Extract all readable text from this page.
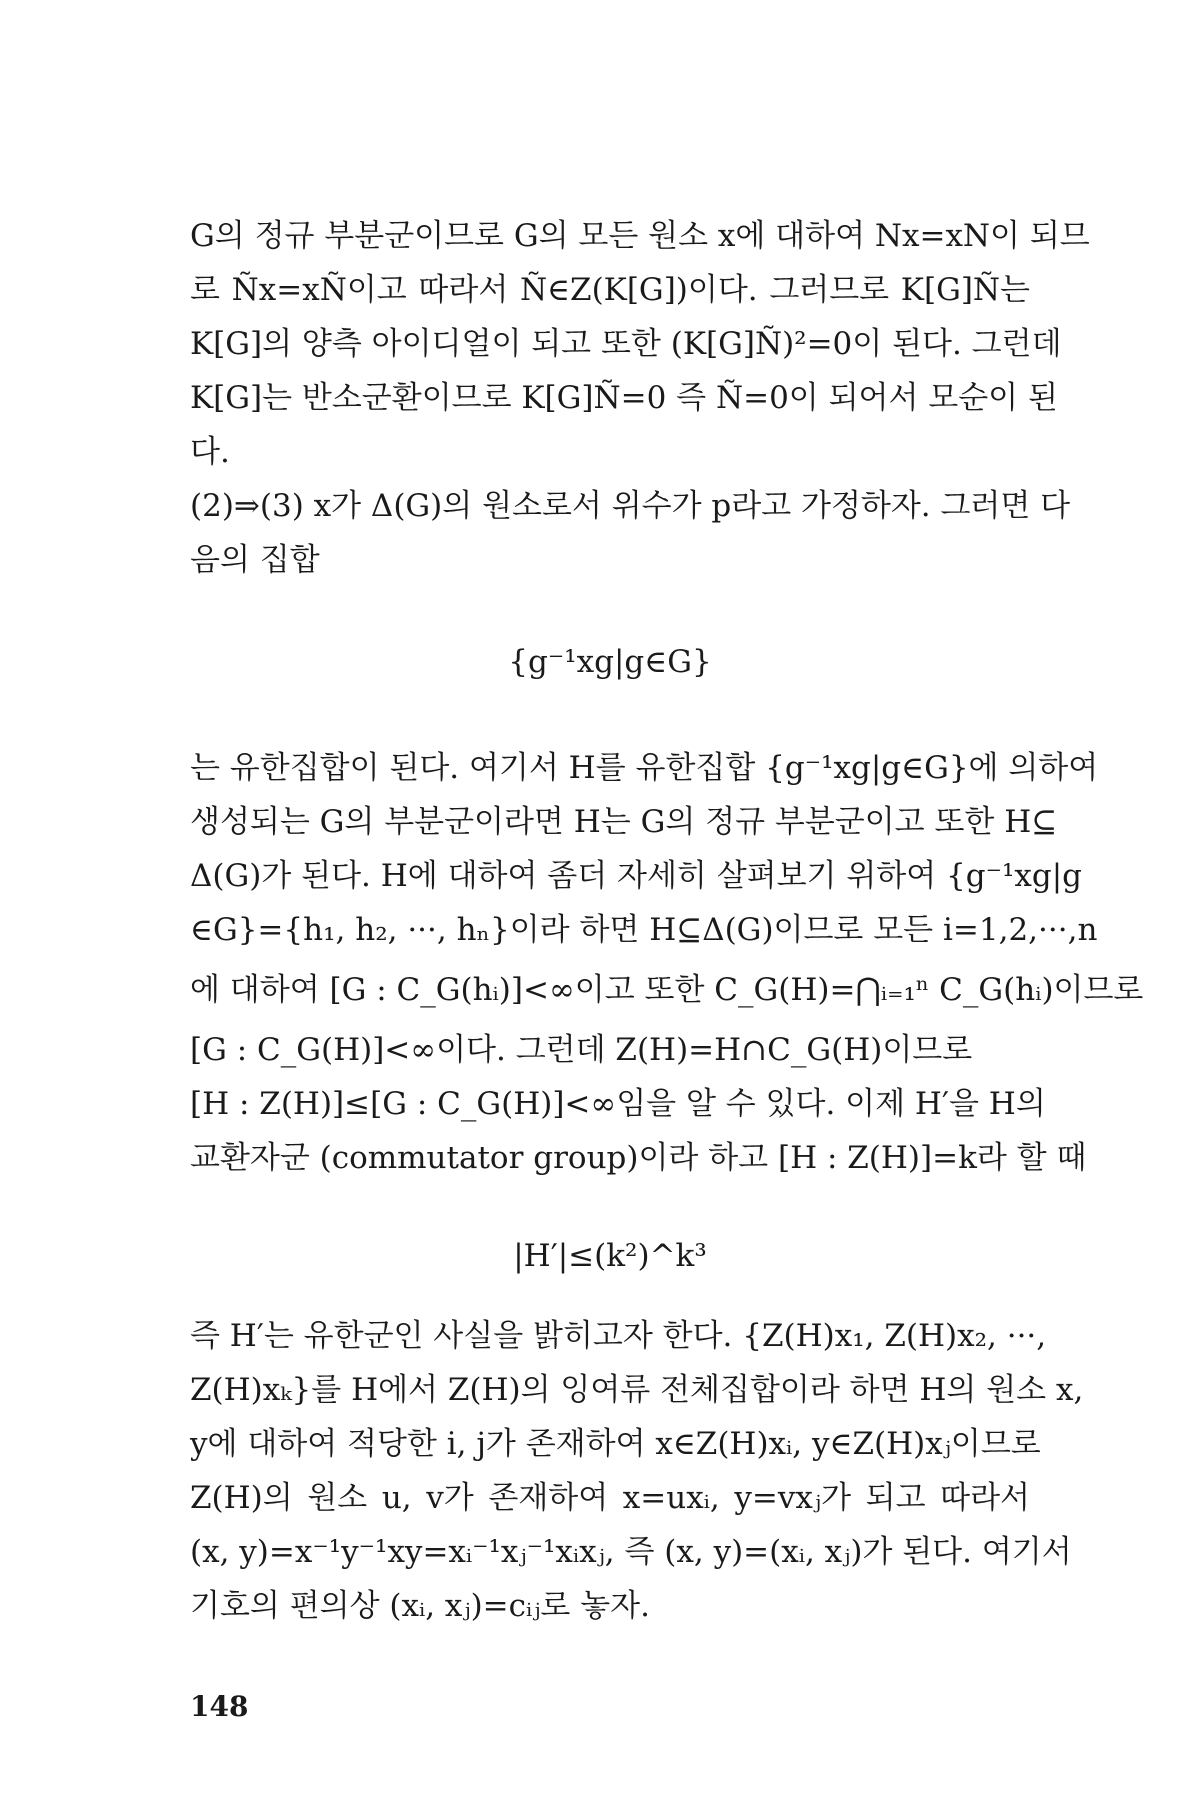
G의 정규 부분군이므로 G의 모든 원소 x에 대하여 Nx=xN이 되므
로 Ñx=xÑ이고 따라서 Ñ∈Z(K[G])이다. 그러므로 K[G]Ñ는
K[G]의 양측 아이디얼이 되고 또한 (K[G]Ñ)²=0이 된다. 그런데
K[G]는 반소군환이므로 K[G]Ñ=0 즉 Ñ=0이 되어서 모순이 된
다.
(2)⇒(3) x가 Δ(G)의 원소로서 위수가 p라고 가정하자. 그러면 다
음의 집합
{g⁻¹xg|g∈G}
는 유한집합이 된다. 여기서 H를 유한집합 {g⁻¹xg|g∈G}에 의하여
생성되는 G의 부분군이라면 H는 G의 정규 부분군이고 또한 H⊆
Δ(G)가 된다. H에 대하여 좀더 자세히 살펴보기 위하여 {g⁻¹xg|g
∈G}={h₁, h₂, ···, hₙ}이라 하면 H⊆Δ(G)이므로 모든 i=1,2,···,n
에 대하여 [G : C_G(hᵢ)]<∞이고 또한 C_G(H)=⋂ᵢ₌₁ⁿ C_G(hᵢ)이므로
[G : C_G(H)]<∞이다. 그런데 Z(H)=H∩C_G(H)이므로
[H : Z(H)]≤[G : C_G(H)]<∞임을 알 수 있다. 이제 H′을 H의
교환자군 (commutator group)이라 하고 [H : Z(H)]=k라 할 때
|H′|≤(k²)^k³
즉 H′는 유한군인 사실을 밝히고자 한다. {Z(H)x₁, Z(H)x₂, ···,
Z(H)xₖ}를 H에서 Z(H)의 잉여류 전체집합이라 하면 H의 원소 x,
y에 대하여 적당한 i, j가 존재하여 x∈Z(H)xᵢ, y∈Z(H)xⱼ이므로
Z(H)의 원소 u, v가 존재하여 x=uxᵢ, y=vxⱼ가 되고 따라서
(x, y)=x⁻¹y⁻¹xy=xᵢ⁻¹xⱼ⁻¹xᵢxⱼ, 즉 (x, y)=(xᵢ, xⱼ)가 된다. 여기서
기호의 편의상 (xᵢ, xⱼ)=cᵢⱼ로 놓자.
148
